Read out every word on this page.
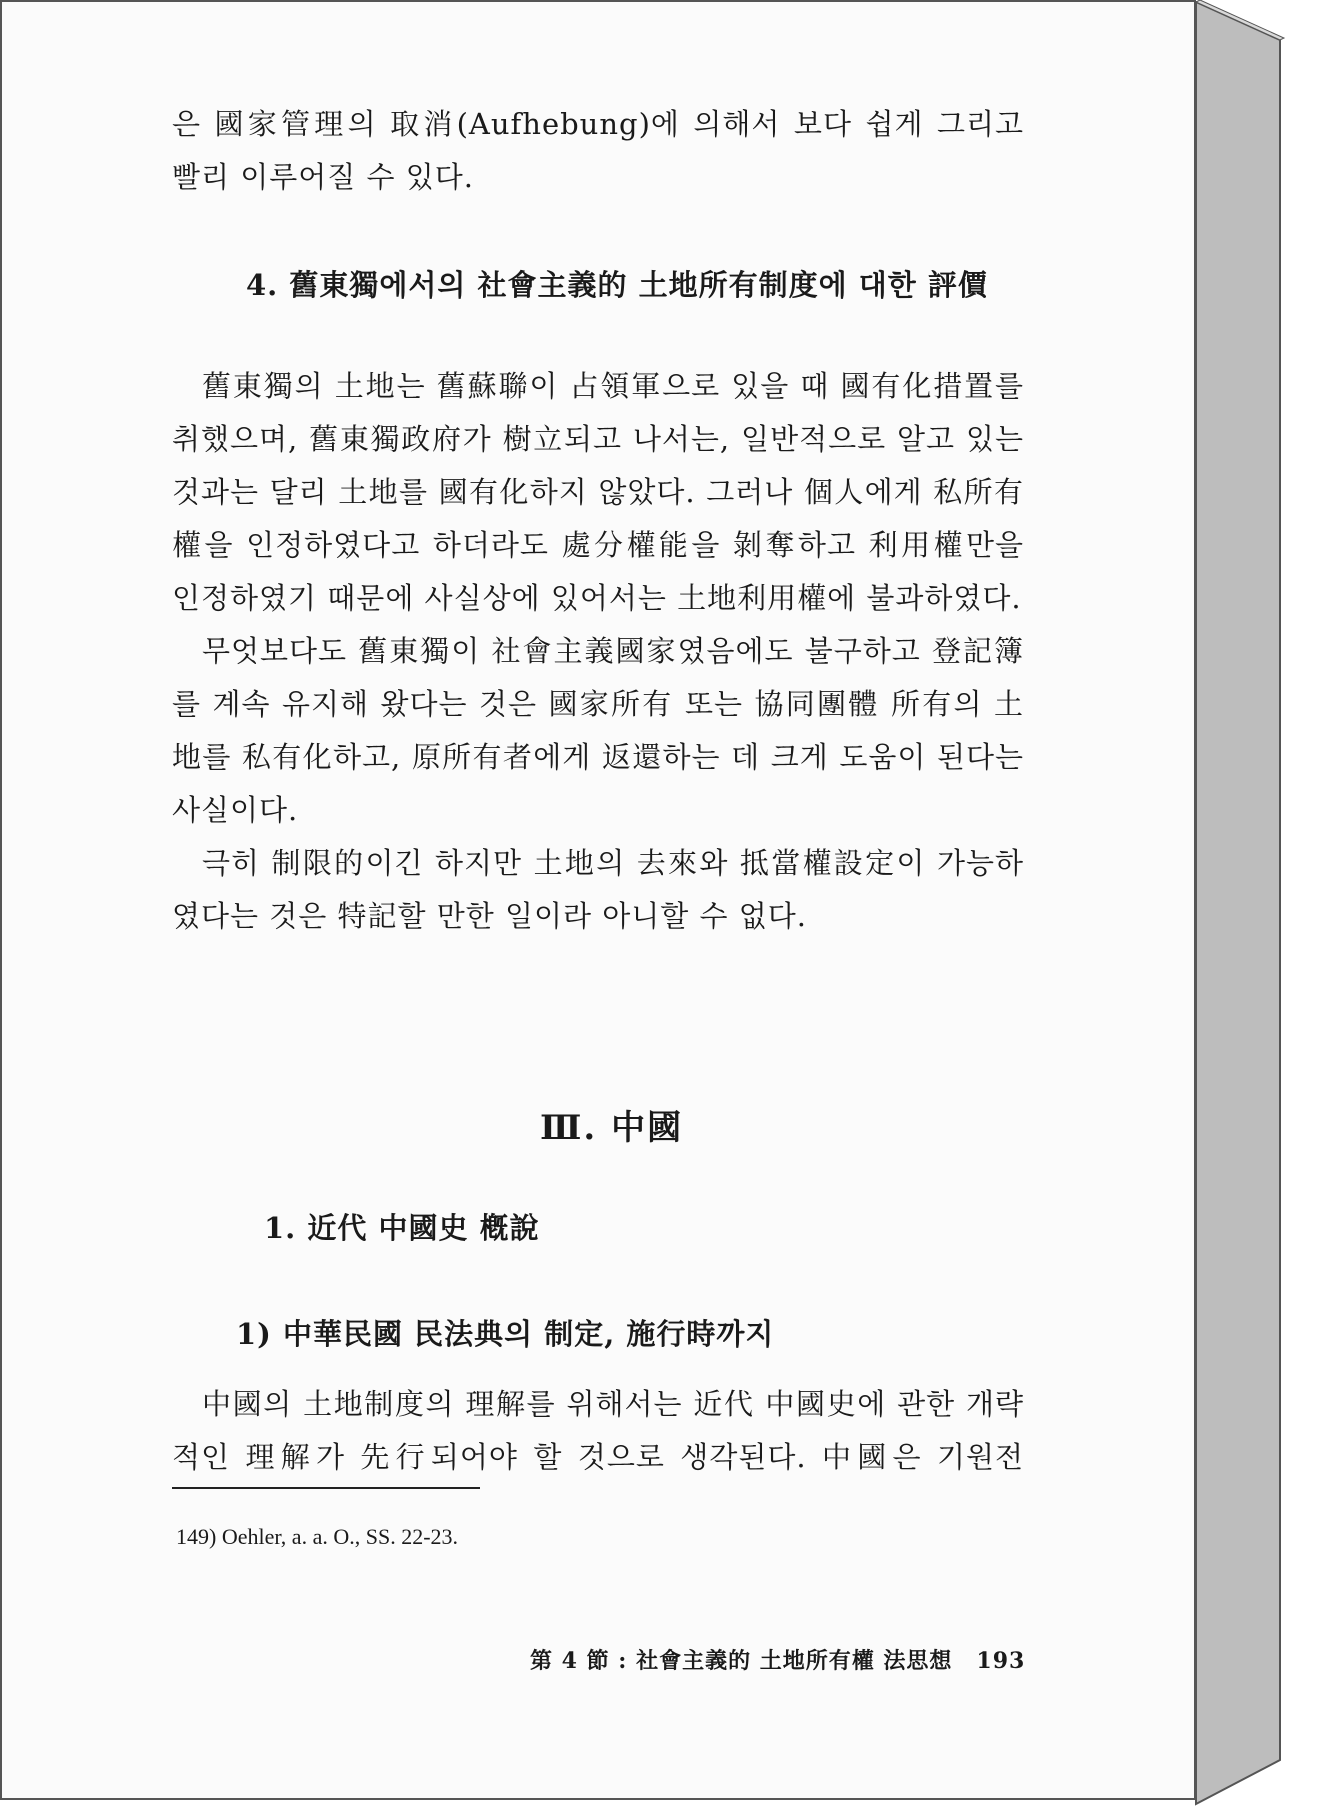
은 國家管理의 取消(Aufhebung)에 의해서 보다 쉽게 그리고 빨리 이루어질 수 있다.

4. 舊東獨에서의 社會主義的 土地所有制度에 대한 評價

舊東獨의 土地는 舊蘇聯이 占領軍으로 있을 때 國有化措置를 취했으며, 舊東獨政府가 樹立되고 나서는, 일반적으로 알고 있는 것과는 달리 土地를 國有化하지 않았다. 그러나 個人에게 私所有權을 인정하였다고 하더라도 處分權能을 剝奪하고 利用權만을 인정하였기 때문에 사실상에 있어서는 土地利用權에 불과하였다.

무엇보다도 舊東獨이 社會主義國家였음에도 불구하고 登記簿를 계속 유지해 왔다는 것은 國家所有 또는 協同團體 所有의 土地를 私有化하고, 原所有者에게 返還하는 데 크게 도움이 된다는 사실이다.

극히 制限的이긴 하지만 土地의 去來와 抵當權設定이 가능하였다는 것은 特記할 만한 일이라 아니할 수 없다.

Ⅲ. 中國
1. 近代 中國史 槪說
1) 中華民國 民法典의 制定, 施行時까지

中國의 土地制度의 理解를 위해서는 近代 中國史에 관한 개략적인 理解가 先行되어야 할 것으로 생각된다. 中國은 기원전

149) Oehler, a. a. O., SS. 22-23.
第 4 節 : 社會主義的 土地所有權 法思想 193
